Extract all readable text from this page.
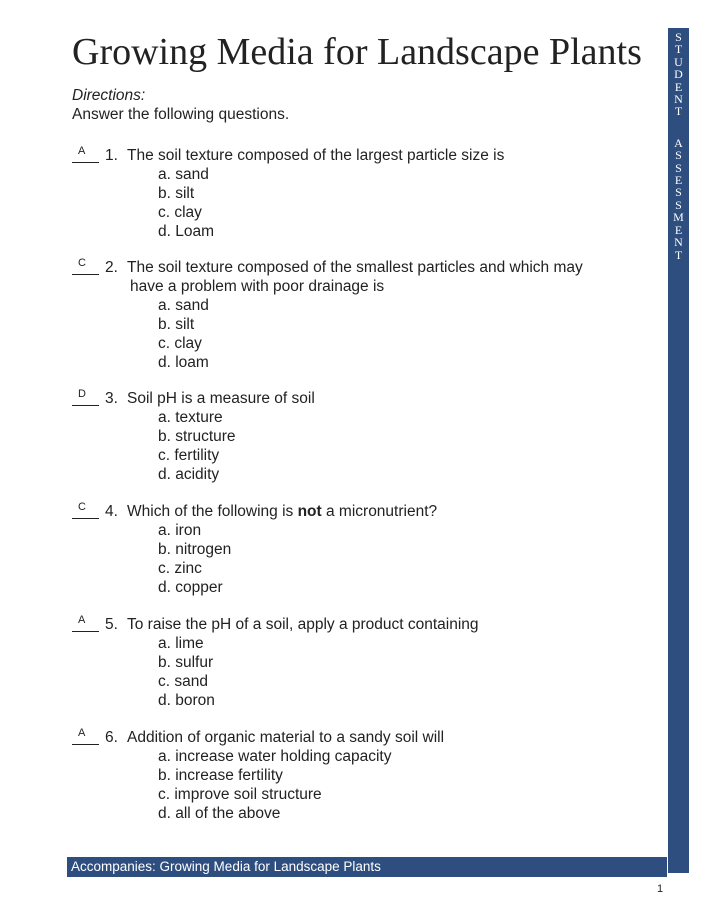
Growing Media for Landscape Plants
Directions:
Answer the following questions.
A	1. The soil texture composed of the largest particle size is
a. sand
b. silt
c. clay
d. Loam
C	2. The soil texture composed of the smallest particles and which may
have a problem with poor drainage is
a. sand
b. silt
c. clay
d. loam
D	3. Soil pH is a measure of soil
a. texture
b. structure
c. fertility
d. acidity
C	4. Which of the following is not a micronutrient?
a. iron
b. nitrogen
c. zinc
d. copper
A	5. To raise the pH of a soil, apply a product containing
a. lime
b. sulfur
c. sand
d. boron
A	6. Addition of organic material to a sandy soil will
a. increase water holding capacity
b. increase fertility
c. improve soil structure
d. all of the above
S
T
U
D
E
N
T
A
S
S
E
S
S
M
E
N
T
Accompanies: Growing Media for Landscape Plants
1
